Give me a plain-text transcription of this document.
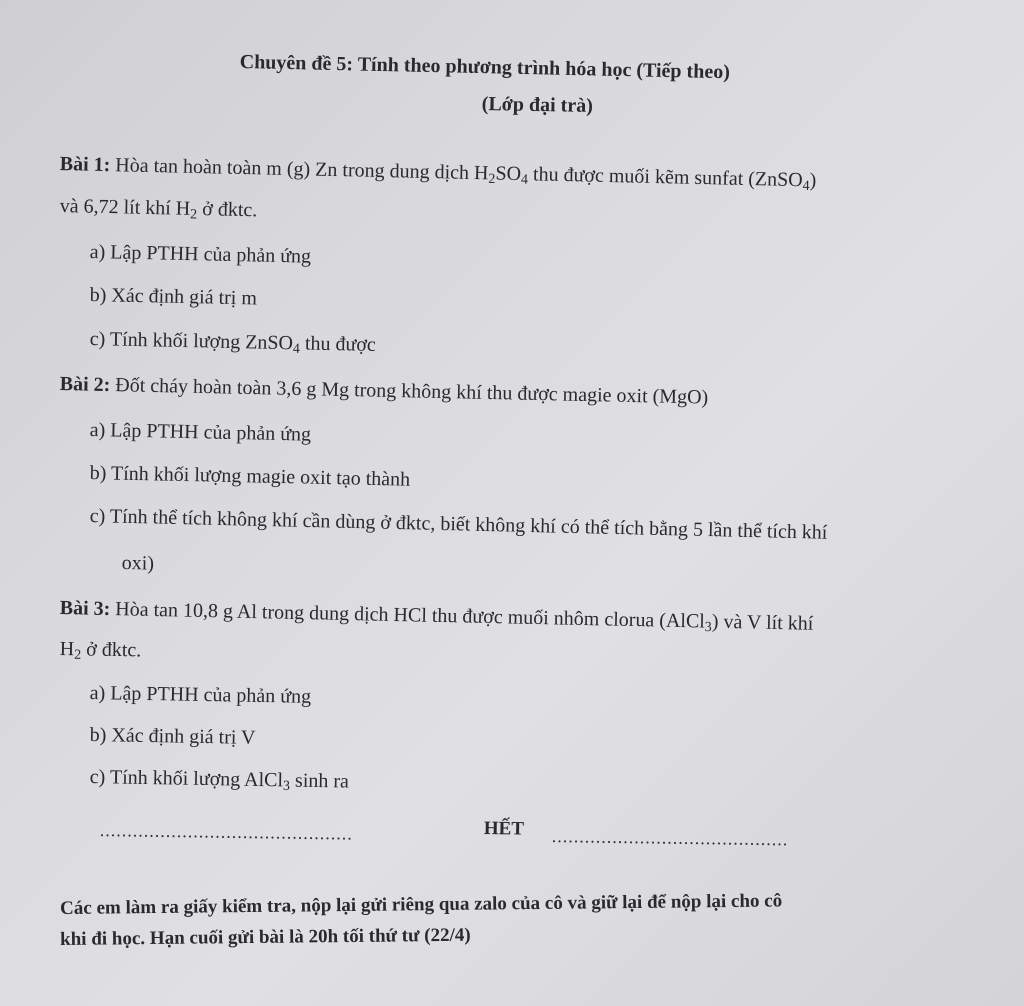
Chuyên đề 5: Tính theo phương trình hóa học (Tiếp theo)
(Lớp đại trà)
Bài 1: Hòa tan hoàn toàn m (g) Zn trong dung dịch $H_2SO_4$ thu được muối kẽm sunfat (ZnSO$_4$)
và 6,72 lít khí $H_2$ ở đktc.
a) Lập PTHH của phản ứng
b) Xác định giá trị m
c) Tính khối lượng ZnSO$_4$ thu được
Bài 2: Đốt cháy hoàn toàn 3,6 g Mg trong không khí thu được magie oxit (MgO)
a) Lập PTHH của phản ứng
b) Tính khối lượng magie oxit tạo thành
c) Tính thể tích không khí cần dùng ở đktc, biết không khí có thể tích bằng 5 lần thể tích khí
oxi)
Bài 3: Hòa tan 10,8 g Al trong dung dịch HCl thu được muối nhôm clorua (AlCl$_3$) và V lít khí
$H_2$ ở đktc.
a) Lập PTHH của phản ứng
b) Xác định giá trị V
c) Tính khối lượng AlCl$_3$ sinh ra
..............................................	HẾT ...........................................
Các em làm ra giấy kiểm tra, nộp lại gửi riêng qua zalo của cô và giữ lại để nộp lại cho cô
khi đi học. Hạn cuối gửi bài là 20h tối thứ tư (22/4)
